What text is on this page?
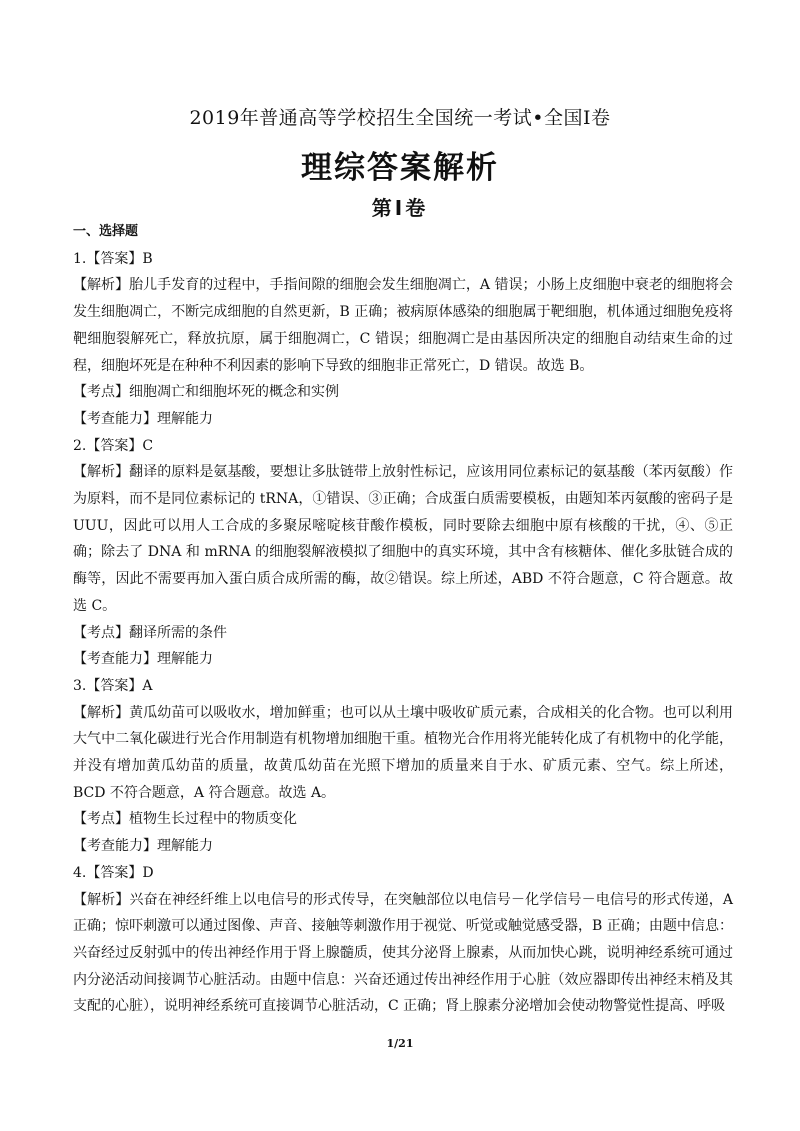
2019年普通高等学校招生全国统一考试•全国I卷
理综答案解析
第Ⅰ卷

一、选择题

1.【答案】B

【解析】胎儿手发育的过程中，手指间隙的细胞会发生细胞凋亡，A 错误；小肠上皮细胞中衰老的细胞将会发生细胞凋亡，不断完成细胞的自然更新，B 正确；被病原体感染的细胞属于靶细胞，机体通过细胞免疫将靶细胞裂解死亡，释放抗原，属于细胞凋亡，C 错误；细胞凋亡是由基因所决定的细胞自动结束生命的过程，细胞坏死是在种种不利因素的影响下导致的细胞非正常死亡，D 错误。故选 B。

【考点】细胞凋亡和细胞坏死的概念和实例

【考查能力】理解能力

2.【答案】C

【解析】翻译的原料是氨基酸，要想让多肽链带上放射性标记，应该用同位素标记的氨基酸（苯丙氨酸）作为原料，而不是同位素标记的 tRNA，①错误、③正确；合成蛋白质需要模板，由题知苯丙氨酸的密码子是 UUU，因此可以用人工合成的多聚尿嘧啶核苷酸作模板，同时要除去细胞中原有核酸的干扰，④、⑤正确；除去了 DNA 和 mRNA 的细胞裂解液模拟了细胞中的真实环境，其中含有核糖体、催化多肽链合成的酶等，因此不需要再加入蛋白质合成所需的酶，故②错误。综上所述，ABD 不符合题意，C 符合题意。故选 C。

【考点】翻译所需的条件

【考查能力】理解能力

3.【答案】A

【解析】黄瓜幼苗可以吸收水，增加鲜重；也可以从土壤中吸收矿质元素，合成相关的化合物。也可以利用大气中二氧化碳进行光合作用制造有机物增加细胞干重。植物光合作用将光能转化成了有机物中的化学能，并没有增加黄瓜幼苗的质量，故黄瓜幼苗在光照下增加的质量来自于水、矿质元素、空气。综上所述，BCD 不符合题意，A 符合题意。故选 A。

【考点】植物生长过程中的物质变化

【考查能力】理解能力

4.【答案】D

【解析】兴奋在神经纤维上以电信号的形式传导，在突触部位以电信号－化学信号－电信号的形式传递，A 正确；惊吓刺激可以通过图像、声音、接触等刺激作用于视觉、听觉或触觉感受器，B 正确；由题中信息：兴奋经过反射弧中的传出神经作用于肾上腺髓质，使其分泌肾上腺素，从而加快心跳，说明神经系统可通过内分泌活动间接调节心脏活动。由题中信息：兴奋还通过传出神经作用于心脏（效应器即传出神经末梢及其支配的心脏），说明神经系统可直接调节心脏活动，C 正确；肾上腺素分泌增加会使动物警觉性提高、呼吸

1/21
